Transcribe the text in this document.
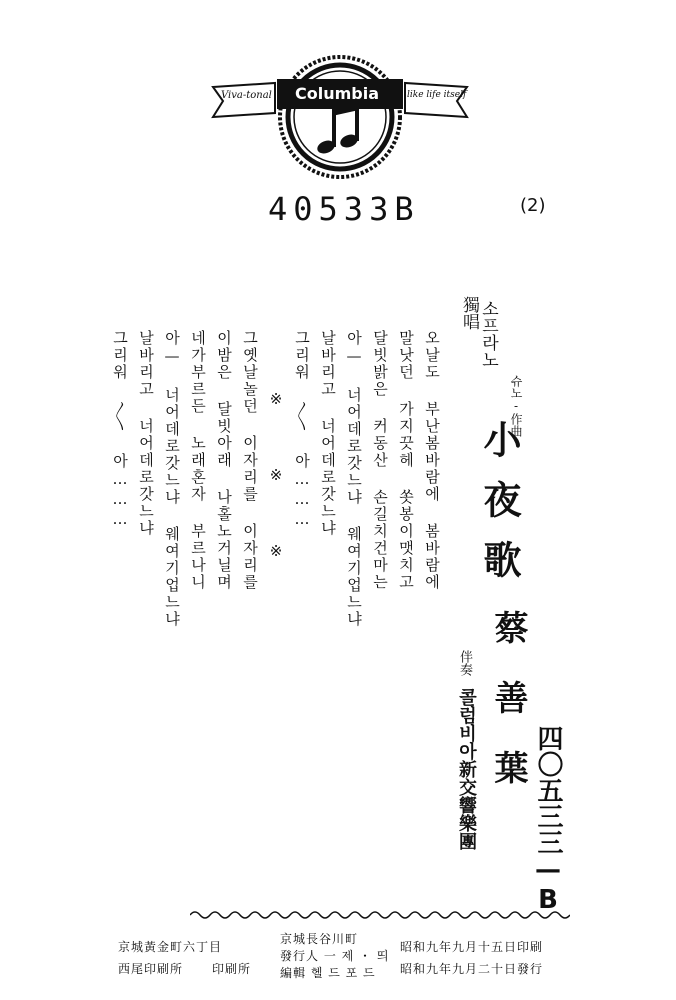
Viva-tonal Columbia	like life itself
40533B	(2)
四〇五三三—B
소프라노
獨唱
슈노-作曲
小夜歌
蔡善葉
伴奏
콜럼비아新交響樂團
오날도 부난봄바람에 봄바람에
말낫던 가지끗헤 쏫봉이맷치고
달빗밝은 커동산 손길치건마는
아— 너어데로갓느냐 웨여기업느냐
날바리고 너어데로갓느냐
그리워 〱 아………
※ ※ ※
그옛날놀던 이자리를 이자리를
이밤은 달빗아래 나홀노거닐며
네가부르든 노래혼자 부르나니
아— 너어데로갓느냐 웨여기업느냐
날바리고 너어데로갓느냐
그리워 〱 아………
昭和九年九月十五日印刷
昭和九年九月二十日發行
京城長谷川町
發行人 一 제 ・ 띄
編輯 헬 드 포 드
京城黃金町六丁目
印刷所
西尾印刷所
